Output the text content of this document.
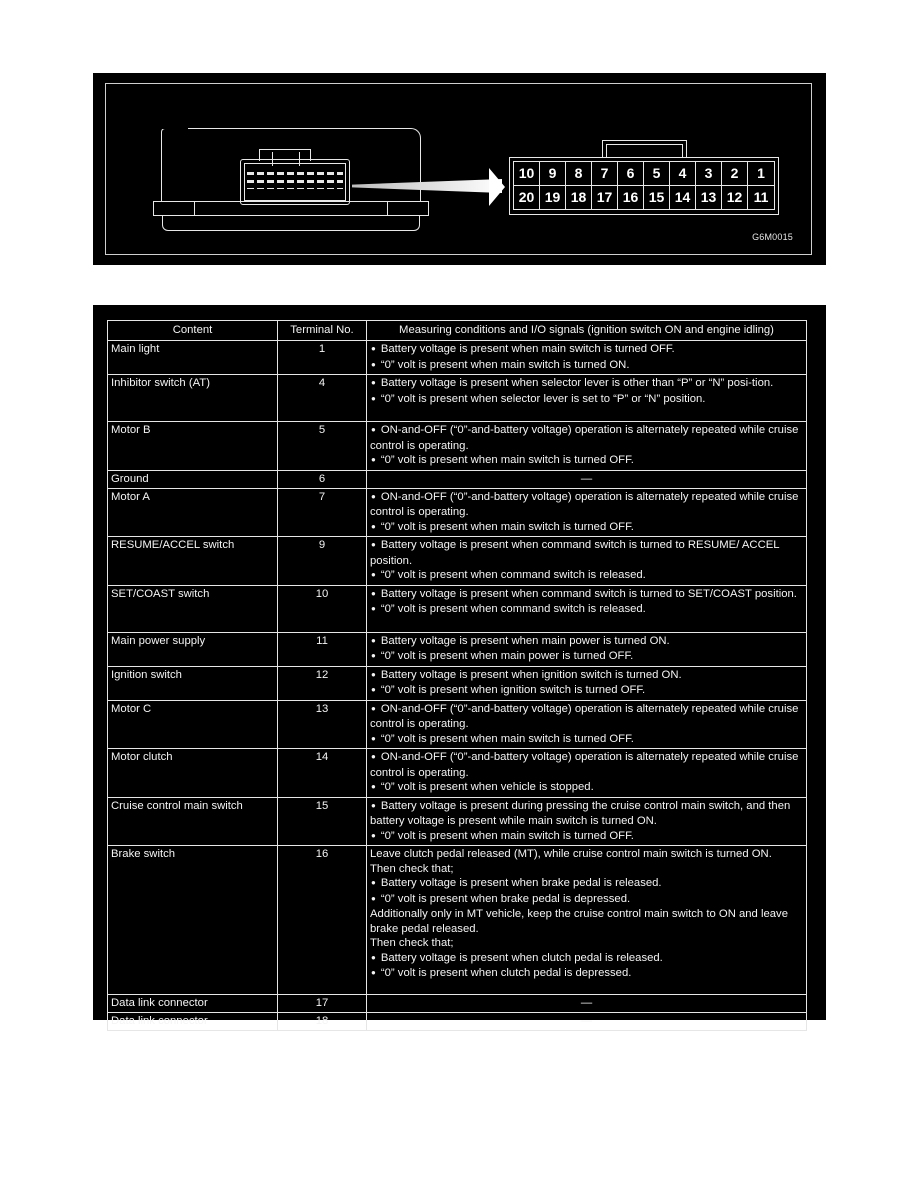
10	9	8	7	6	5	4	3	2	1
20 19 18 17 16 15 14 13 12 11
G6M0015
Content	Terminal No.	Measuring conditions and I/O signals (ignition switch ON and engine idling)
Main light	1	● Battery voltage is present when main switch is turned OFF.
● “0” volt is present when main switch is turned ON.

Inhibitor switch (AT)	4	● Battery voltage is present when selector lever is other than “P” or “N” posi-tion.
● “0” volt is present when selector lever is set to “P” or “N” position.

Motor B	5	● ON-and-OFF (“0”-and-battery voltage) operation is alternately repeated while cruise control is operating.
● “0” volt is present when main switch is turned OFF.

Ground	6	—
Motor A	7	● ON-and-OFF (“0”-and-battery voltage) operation is alternately repeated while cruise control is operating.
● “0” volt is present when main switch is turned OFF.

RESUME/ACCEL switch	9	● Battery voltage is present when command switch is turned to RESUME/ ACCEL position.
● “0” volt is present when command switch is released.

SET/COAST switch	10	● Battery voltage is present when command switch is turned to SET/COAST position.
● “0” volt is present when command switch is released.

Main power supply	11	● Battery voltage is present when main power is turned ON.
● “0” volt is present when main power is turned OFF.

Ignition switch	12	● Battery voltage is present when ignition switch is turned ON.
● “0” volt is present when ignition switch is turned OFF.

Motor C	13	● ON-and-OFF (“0”-and-battery voltage) operation is alternately repeated while cruise control is operating.
● “0” volt is present when main switch is turned OFF.

Motor clutch	14	● ON-and-OFF (“0”-and-battery voltage) operation is alternately repeated while cruise control is operating.
● “0” volt is present when vehicle is stopped.

Cruise control main switch	15	● Battery voltage is present during pressing the cruise control main switch, and then battery voltage is present while main switch is turned ON.
● “0” volt is present when main switch is turned OFF.

Brake switch	16	Leave clutch pedal released (MT), while cruise control main switch is turned ON.
Then check that;
● Battery voltage is present when brake pedal is released.
● “0” volt is present when brake pedal is depressed.
Additionally only in MT vehicle, keep the cruise control main switch to ON and leave brake pedal released.
Then check that;
● Battery voltage is present when clutch pedal is released.
● “0” volt is present when clutch pedal is depressed.

Data link connector	17	—
Data link connector	18	—
